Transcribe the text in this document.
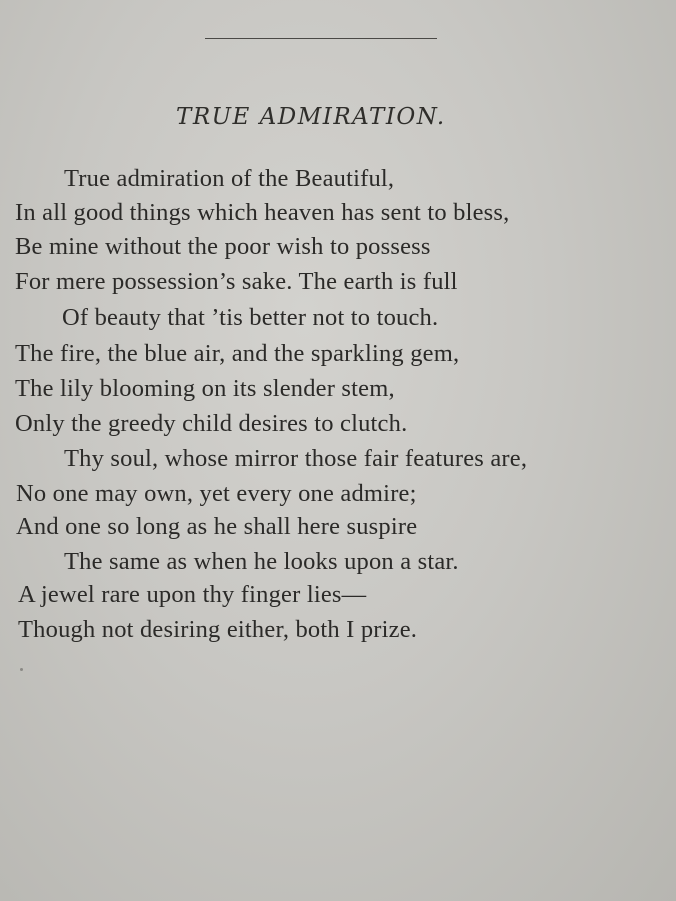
TRUE ADMIRATION.
True admiration of the Beautiful,
In all good things which heaven has sent to bless,
Be mine without the poor wish to possess
For mere possession’s sake. The earth is full
Of beauty that ’tis better not to touch.
The fire, the blue air, and the sparkling gem,
The lily blooming on its slender stem,
Only the greedy child desires to clutch.
Thy soul, whose mirror those fair features are,
No one may own, yet every one admire;
And one so long as he shall here suspire
The same as when he looks upon a star.
A jewel rare upon thy finger lies—
Though not desiring either, both I prize.
